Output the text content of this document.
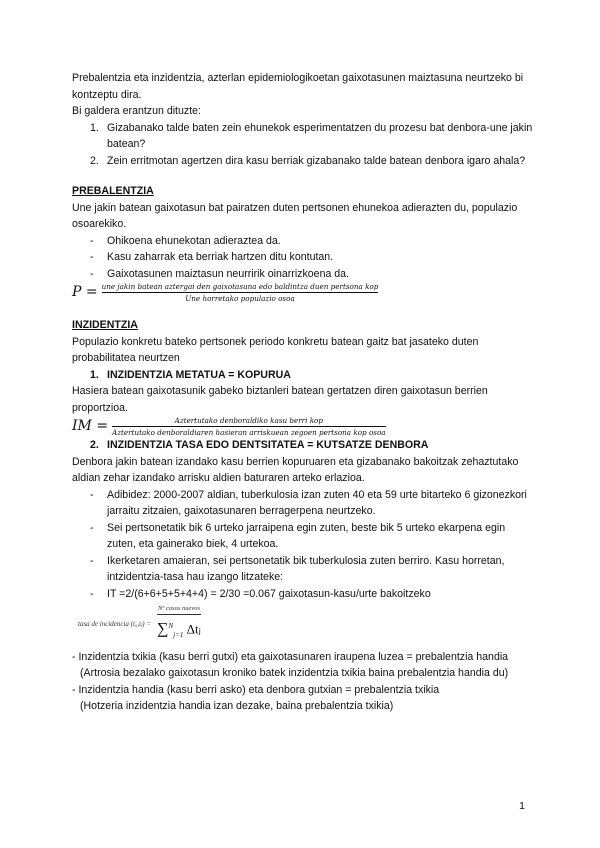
Prebalentzia eta inzidentzia, azterlan epidemiologikoetan gaixotasunen maiztasuna neurtzeko bi kontzeptu dira.

Bi galdera erantzun dituzte:

1. Gizabanako talde baten zein ehunekok esperimentatzen du prozesu bat denbora-une jakin batean?
2. Zein erritmotan agertzen dira kasu berriak gizabanako talde batean denbora igaro ahala?

PREBALENTZIA

Une jakin batean gaixotasun bat pairatzen duten pertsonen ehunekoa adierazten du, populazio osoarekiko.

- Ohikoena ehunekotan adieraztea da.
- Kasu zaharrak eta berriak hartzen ditu kontutan.
- Gaixotasunen maiztasun neurririk oinarrizkoena da.
P = une jakin batean aztergai den gaixotasuna edo baldintza duen pertsona kop
Une horretako populazio osoa

INZIDENTZIA

Populazio konkretu bateko pertsonek periodo konkretu batean gaitz bat jasateko duten probabilitatea neurtzen

1. INZIDENTZIA METATUA = KOPURUA

Hasiera batean gaixotasunik gabeko biztanleri batean gertatzen diren gaixotasun berrien proportzioa.

IM =	Aztertutako denboraldiko kasu berri kop
Aztertutako denboraldiaren hasieran arriskuean zegoen pertsona kop osoa

2. INZIDENTZIA TASA EDO DENTSITATEA = KUTSATZE DENBORA

Denbora jakin batean izandako kasu berrien kopuruaren eta gizabanako bakoitzak zehaztutako aldian zehar izandako arrisku aldien baturaren arteko erlazioa.

- Adibidez: 2000-2007 aldian, tuberkulosia izan zuten 40 eta 59 urte bitarteko 6 gizonezkori jarraitu zitzaien, gaixotasunaren berragerpena neurtzeko.
- Sei pertsonetatik bik 6 urteko jarraipena egin zuten, beste bik 5 urteko ekarpena egin zuten, eta gainerako biek, 4 urtekoa.
- Ikerketaren amaieran, sei pertsonetatik bik tuberkulosia zuten berriro. Kasu horretan, intzidentzia-tasa hau izango litzateke:
- IT =2/(6+6+5+5+4+4) = 2/30 =0.067 gaixotasun-kasu/urte bakoitzeko
tasa de incidencia (t₀,tⱼ) = $\frac{\text{Nº casos nuevos}}{\sum^N_{j=1} \Delta tⱼ}$

- Inzidentzia txikia (kasu berri gutxi) eta gaixotasunaren iraupena luzea = prebalentzia handia

(Artrosia bezalako gaixotasun kroniko batek inzidentzia txikia baina prebalentzia handia du)

- Inzidentzia handia (kasu berri asko) eta denbora gutxian = prebalentzia txikia

(Hotzeria inzidentzia handia izan dezake, baina prebalentzia txikia)

1
